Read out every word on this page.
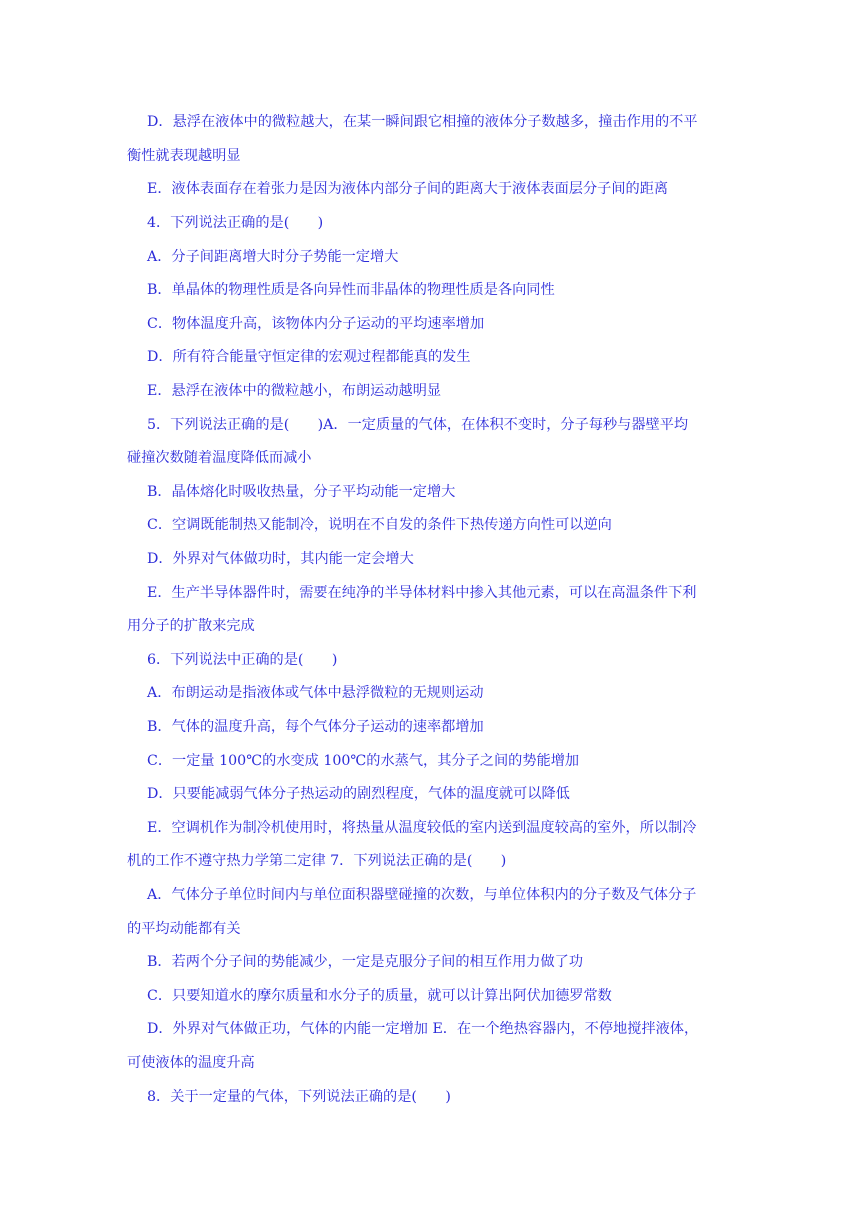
D．悬浮在液体中的微粒越大，在某一瞬间跟它相撞的液体分子数越多，撞击作用的不平
衡性就表现越明显
E．液体表面存在着张力是因为液体内部分子间的距离大于液体表面层分子间的距离
4．下列说法正确的是(　　)
A．分子间距离增大时分子势能一定增大
B．单晶体的物理性质是各向异性而非晶体的物理性质是各向同性
C．物体温度升高，该物体内分子运动的平均速率增加
D．所有符合能量守恒定律的宏观过程都能真的发生
E．悬浮在液体中的微粒越小，布朗运动越明显
5．下列说法正确的是(　　)A．一定质量的气体，在体积不变时，分子每秒与器壁平均
碰撞次数随着温度降低而减小
B．晶体熔化时吸收热量，分子平均动能一定增大
C．空调既能制热又能制冷，说明在不自发的条件下热传递方向性可以逆向
D．外界对气体做功时，其内能一定会增大
E．生产半导体器件时，需要在纯净的半导体材料中掺入其他元素，可以在高温条件下利
用分子的扩散来完成
6．下列说法中正确的是(　　)
A．布朗运动是指液体或气体中悬浮微粒的无规则运动
B．气体的温度升高，每个气体分子运动的速率都增加
C．一定量 100℃的水变成 100℃的水蒸气，其分子之间的势能增加
D．只要能减弱气体分子热运动的剧烈程度，气体的温度就可以降低
E．空调机作为制冷机使用时，将热量从温度较低的室内送到温度较高的室外，所以制冷
机的工作不遵守热力学第二定律 7．下列说法正确的是(　　)
A．气体分子单位时间内与单位面积器壁碰撞的次数，与单位体积内的分子数及气体分子
的平均动能都有关
B．若两个分子间的势能减少，一定是克服分子间的相互作用力做了功
C．只要知道水的摩尔质量和水分子的质量，就可以计算出阿伏加德罗常数
D．外界对气体做正功，气体的内能一定增加 E．在一个绝热容器内，不停地搅拌液体，
可使液体的温度升高
8．关于一定量的气体，下列说法正确的是(　　)
